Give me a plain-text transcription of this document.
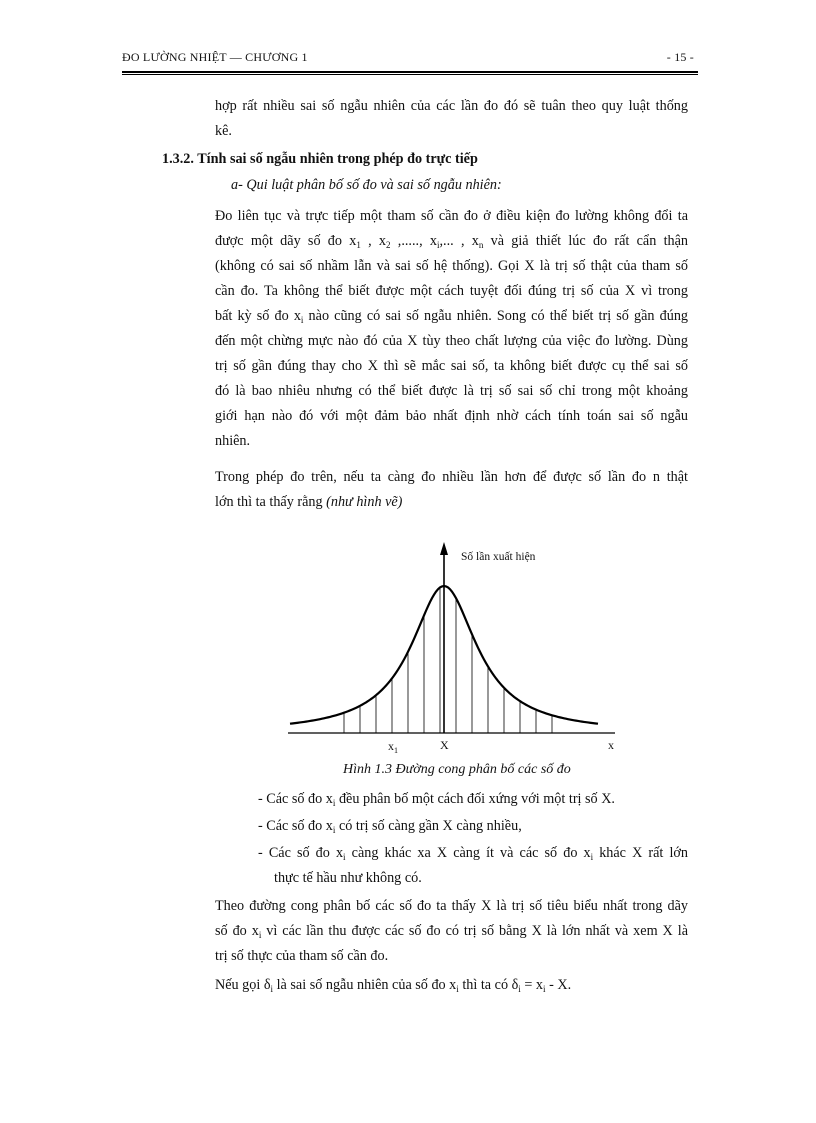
ĐO LƯỜNG NHIỆT — CHƯƠNG 1	- 15 -
hợp rất nhiều sai số ngẫu nhiên của các lần đo đó sẽ tuân theo quy luật thống
kê.
1.3.2. Tính sai số ngẫu nhiên trong phép đo trực tiếp
a- Qui luật phân bố số đo và sai số ngẫu nhiên:
Đo liên tục và trực tiếp một tham số cần đo ở điều kiện đo lường không đổi ta
được một dãy số đo $x_1$ , $x_2$ ,....., $x_i$,... , $x_n$ và giả thiết lúc đo rất cẩn thận
(không có sai số nhầm lẫn và sai số hệ thống). Gọi X là trị số thật của tham số
cần đo. Ta không thể biết được một cách tuyệt đối đúng trị số của X vì trong
bất kỳ số đo $x_i$ nào cũng có sai số ngẫu nhiên. Song có thể biết trị số gần đúng
đến một chừng mực nào đó của X tùy theo chất lượng của việc đo lường. Dùng
trị số gần đúng thay cho X thì sẽ mắc sai số, ta không biết được cụ thể sai số
đó là bao nhiêu nhưng có thể biết được là trị số sai số chỉ trong một khoảng
giới hạn nào đó với một đảm bảo nhất định nhờ cách tính toán sai số ngẫu
nhiên.
Trong phép đo trên, nếu ta càng đo nhiều lần hơn để được số lần đo n thật
lớn thì ta thấy rằng (như hình vẽ)
Số lần xuất hiện
$x_1$	X	x
Hình 1.3 Đường cong phân bố các số đo
- Các số đo $x_i$ đều phân bố một cách đối xứng với một trị số X.
- Các số đo $x_i$ có trị số càng gần X càng nhiều,
- Các số đo $x_i$ càng khác xa X càng ít và các số đo $x_i$ khác X rất lớn
thực tế hầu như không có.
Theo đường cong phân bố các số đo ta thấy X là trị số tiêu biểu nhất trong dãy
số đo $x_i$ vì các lần thu được các số đo có trị số bằng X là lớn nhất và xem X là
trị số thực của tham số cần đo.
Nếu gọi $\delta_i$ là sai số ngẫu nhiên của số đo $x_i$ thì ta có $\delta_i = x_i - X$.
